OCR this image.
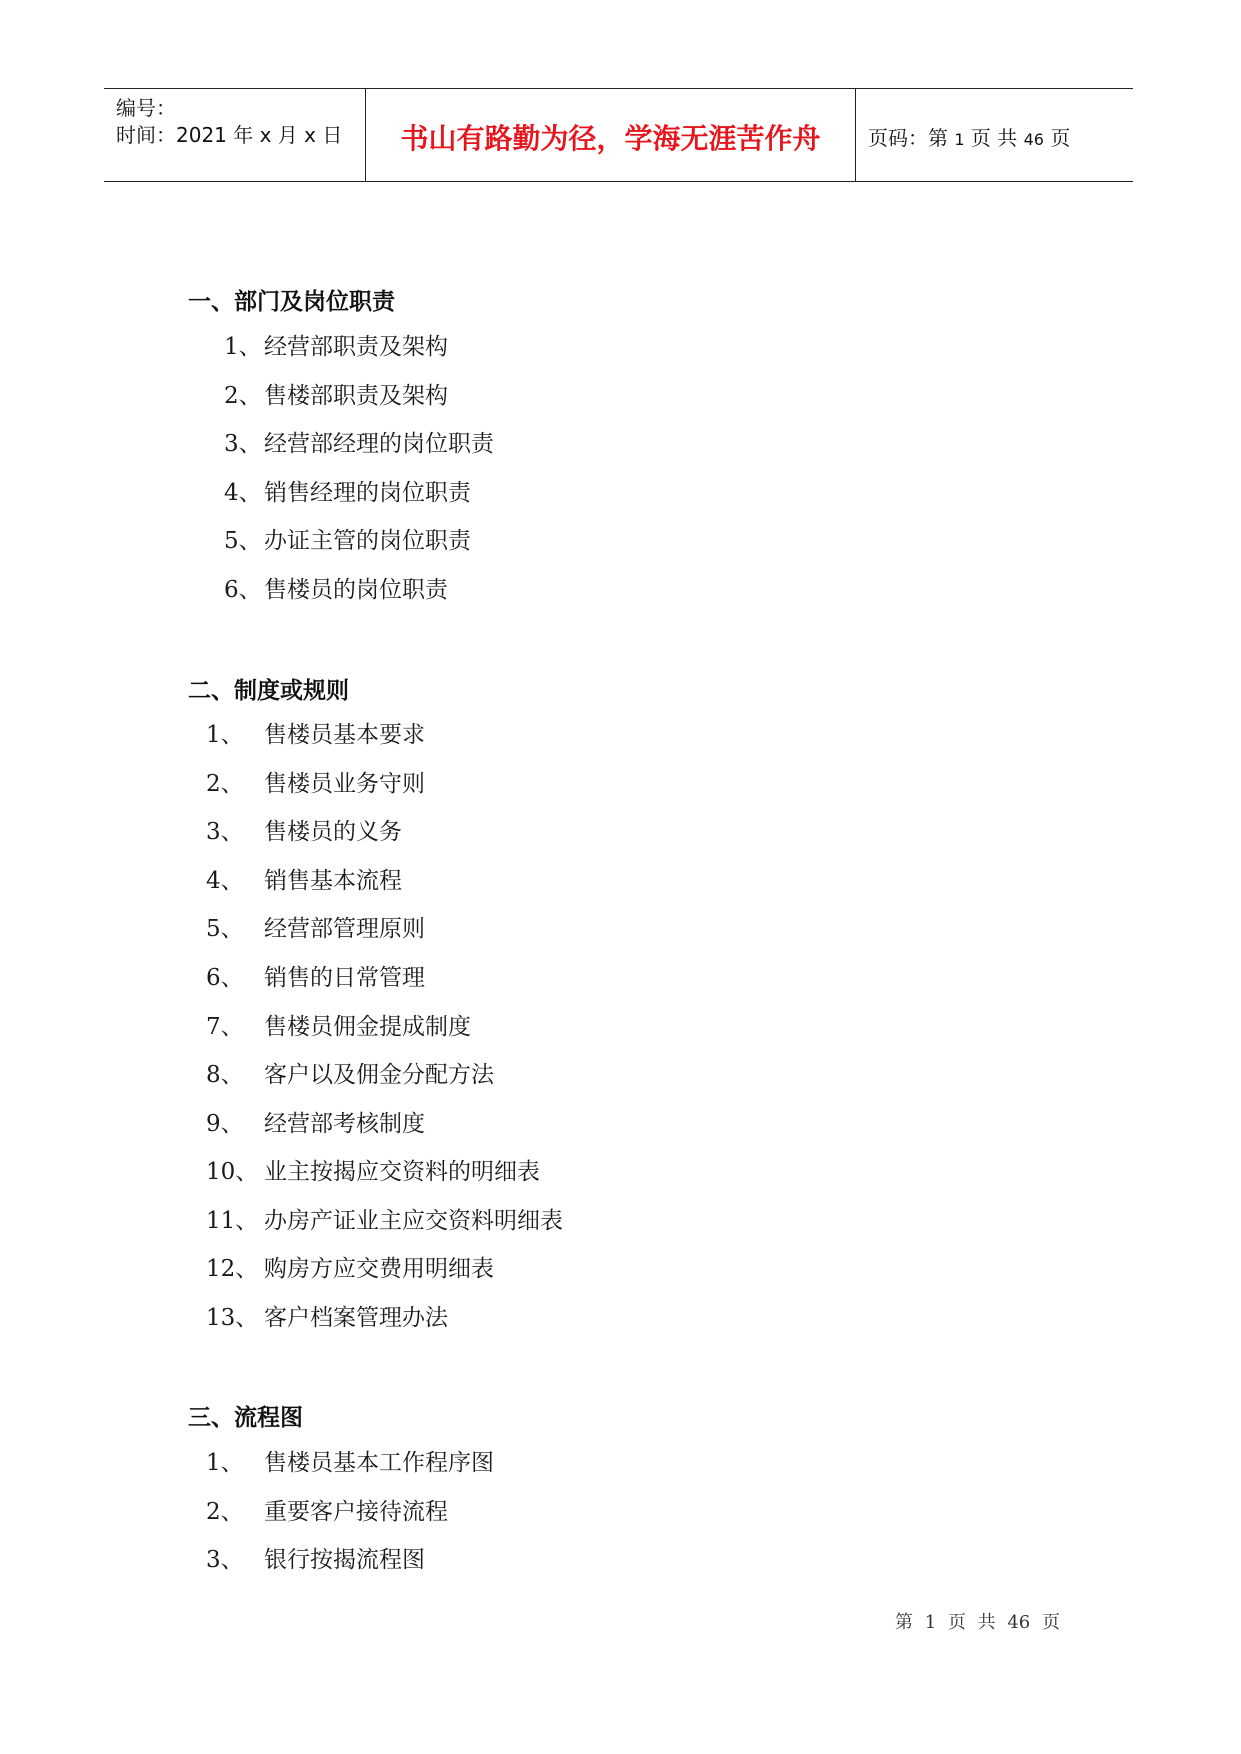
编号：
时间：2021 年 x 月 x 日	书山有路勤为径，学海无涯苦作舟	页码：第 1 页 共 46 页
一、部门及岗位职责
1、 经营部职责及架构
2、 售楼部职责及架构
3、 经营部经理的岗位职责
4、 销售经理的岗位职责
5、 办证主管的岗位职责
6、 售楼员的岗位职责
二、制度或规则
1、 售楼员基本要求
2、 售楼员业务守则
3、 售楼员的义务
4、 销售基本流程
5、 经营部管理原则
6、 销售的日常管理
7、 售楼员佣金提成制度
8、 客户以及佣金分配方法
9、 经营部考核制度
10、 业主按揭应交资料的明细表
11、 办房产证业主应交资料明细表
12、 购房方应交费用明细表
13、 客户档案管理办法
三、流程图
1、 售楼员基本工作程序图
2、 重要客户接待流程
3、 银行按揭流程图
第 1 页 共 46 页
